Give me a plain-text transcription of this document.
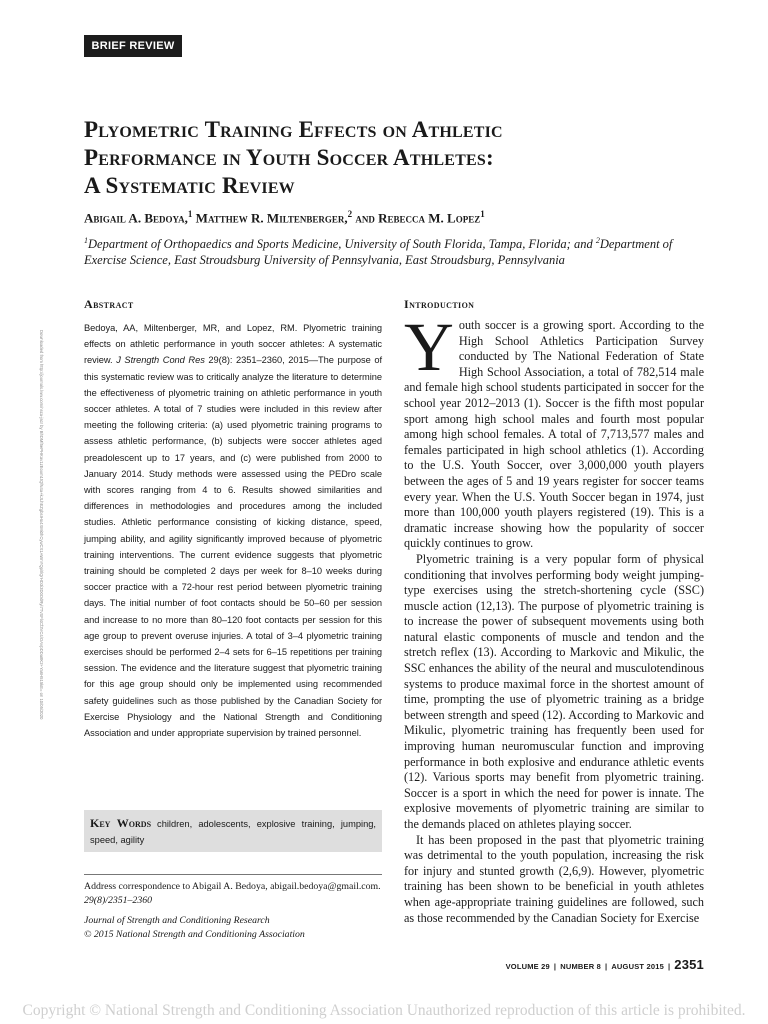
BRIEF REVIEW
Plyometric Training Effects on Athletic
Performance in Youth Soccer Athletes:
A Systematic Review
Abigail A. Bedoya,$^1$ Matthew R. Miltenberger,$^2$ and Rebecca M. Lopez$^1$
$^1$Department of Orthopaedics and Sports Medicine, University of South Florida, Tampa, Florida; and $^2$Department of Exercise Science, East Stroudsburg University of Pennsylvania, East Stroudsburg, Pennsylvania
Abstract

Bedoya, AA, Miltenberger, MR, and Lopez, RM. Plyometric training effects on athletic performance in youth soccer athletes: A systematic review. J Strength Cond Res 29(8): 2351–2360, 2015—The purpose of this systematic review was to critically analyze the literature to determine the effectiveness of plyometric training on athletic performance in youth soccer athletes. A total of 7 studies were included in this review after meeting the following criteria: (a) used plyometric training programs to assess athletic performance, (b) subjects were soccer athletes aged preadolescent up to 17 years, and (c) were published from 2000 to January 2014. Study methods were assessed using the PEDro scale with scores ranging from 4 to 6. Results showed similarities and differences in methodologies and procedures among the included studies. Athletic performance consisting of kicking distance, speed, jumping ability, and agility significantly improved because of plyometric training interventions. The current evidence suggests that plyometric training should be completed 2 days per week for 8–10 weeks during soccer practice with a 72-hour rest period between plyometric training days. The initial number of foot contacts should be 50–60 per session and increase to no more than 80–120 foot contacts per session for this age group to prevent overuse injuries. A total of 3–4 plyometric training exercises should be performed 2–4 sets for 6–15 repetitions per training session. The evidence and the literature suggest that plyometric training for this age group should only be implemented using recommended safety guidelines such as those published by the Canadian Society for Exercise Physiology and the National Strength and Conditioning Association and under appropriate supervision by trained personnel.

Key Words children, adolescents, explosive training, jumping, speed, agility
Address correspondence to Abigail A. Bedoya, abigail.bedoya@gmail.com.
29(8)/2351–2360
Journal of Strength and Conditioning Research
© 2015 National Strength and Conditioning Association
Introduction

Youth soccer is a growing sport. According to the High School Athletics Participation Survey conducted by The National Federation of State High School Association, a total of 782,514 male and female high school students participated in soccer for the school year 2012–2013 (1). Soccer is the fifth most popular sport among high school males and fourth most popular among high school females. A total of 7,713,577 males and females participated in high school athletics (1). According to the U.S. Youth Soccer, over 3,000,000 youth players between the ages of 5 and 19 years register for soccer teams every year. When the U.S. Youth Soccer began in 1974, just more than 100,000 youth players registered (19). This is a dramatic increase showing how the popularity of soccer quickly continues to grow.

Plyometric training is a very popular form of physical conditioning that involves performing body weight jumping-type exercises using the stretch-shortening cycle (SSC) muscle action (12,13). The purpose of plyometric training is to increase the power of subsequent movements using both natural elastic components of muscle and tendon and the stretch reflex (13). According to Markovic and Mikulic, the SSC enhances the ability of the neural and musculotendinous systems to produce maximal force in the shortest amount of time, prompting the use of plyometric training as a bridge between strength and speed (12). According to Markovic and Mikulic, plyometric training has frequently been used for improving human neuromuscular function and improving performance in both explosive and endurance athletic events (12). Various sports may benefit from plyometric training. Soccer is a sport in which the need for power is innate. The explosive movements of plyometric training are similar to the demands placed on athletes playing soccer.

It has been proposed in the past that plyometric training was detrimental to the youth population, increasing the risk for injury and stunted growth (2,6,9). However, plyometric training has been shown to be beneficial in youth athletes when age-appropriate training guidelines are followed, such as those recommended by the Canadian Society for Exercise

VOLUME 29 | NUMBER 8 | AUGUST 2015 | 2351
Downloaded from http://journals.lww.com/nsca-jscr by BhDMf5ePHKav1zEoum1tQfN4a+kJLhEZgbsIHo4XMi0hCywCX1AWnYQp/IlQrHD3i3D0OdRyi7TvSFl4Cf3VC4/OAVpDDa8K2+Ya6H515kE= on 10/05/2020
Copyright © National Strength and Conditioning Association Unauthorized reproduction of this article is prohibited.
